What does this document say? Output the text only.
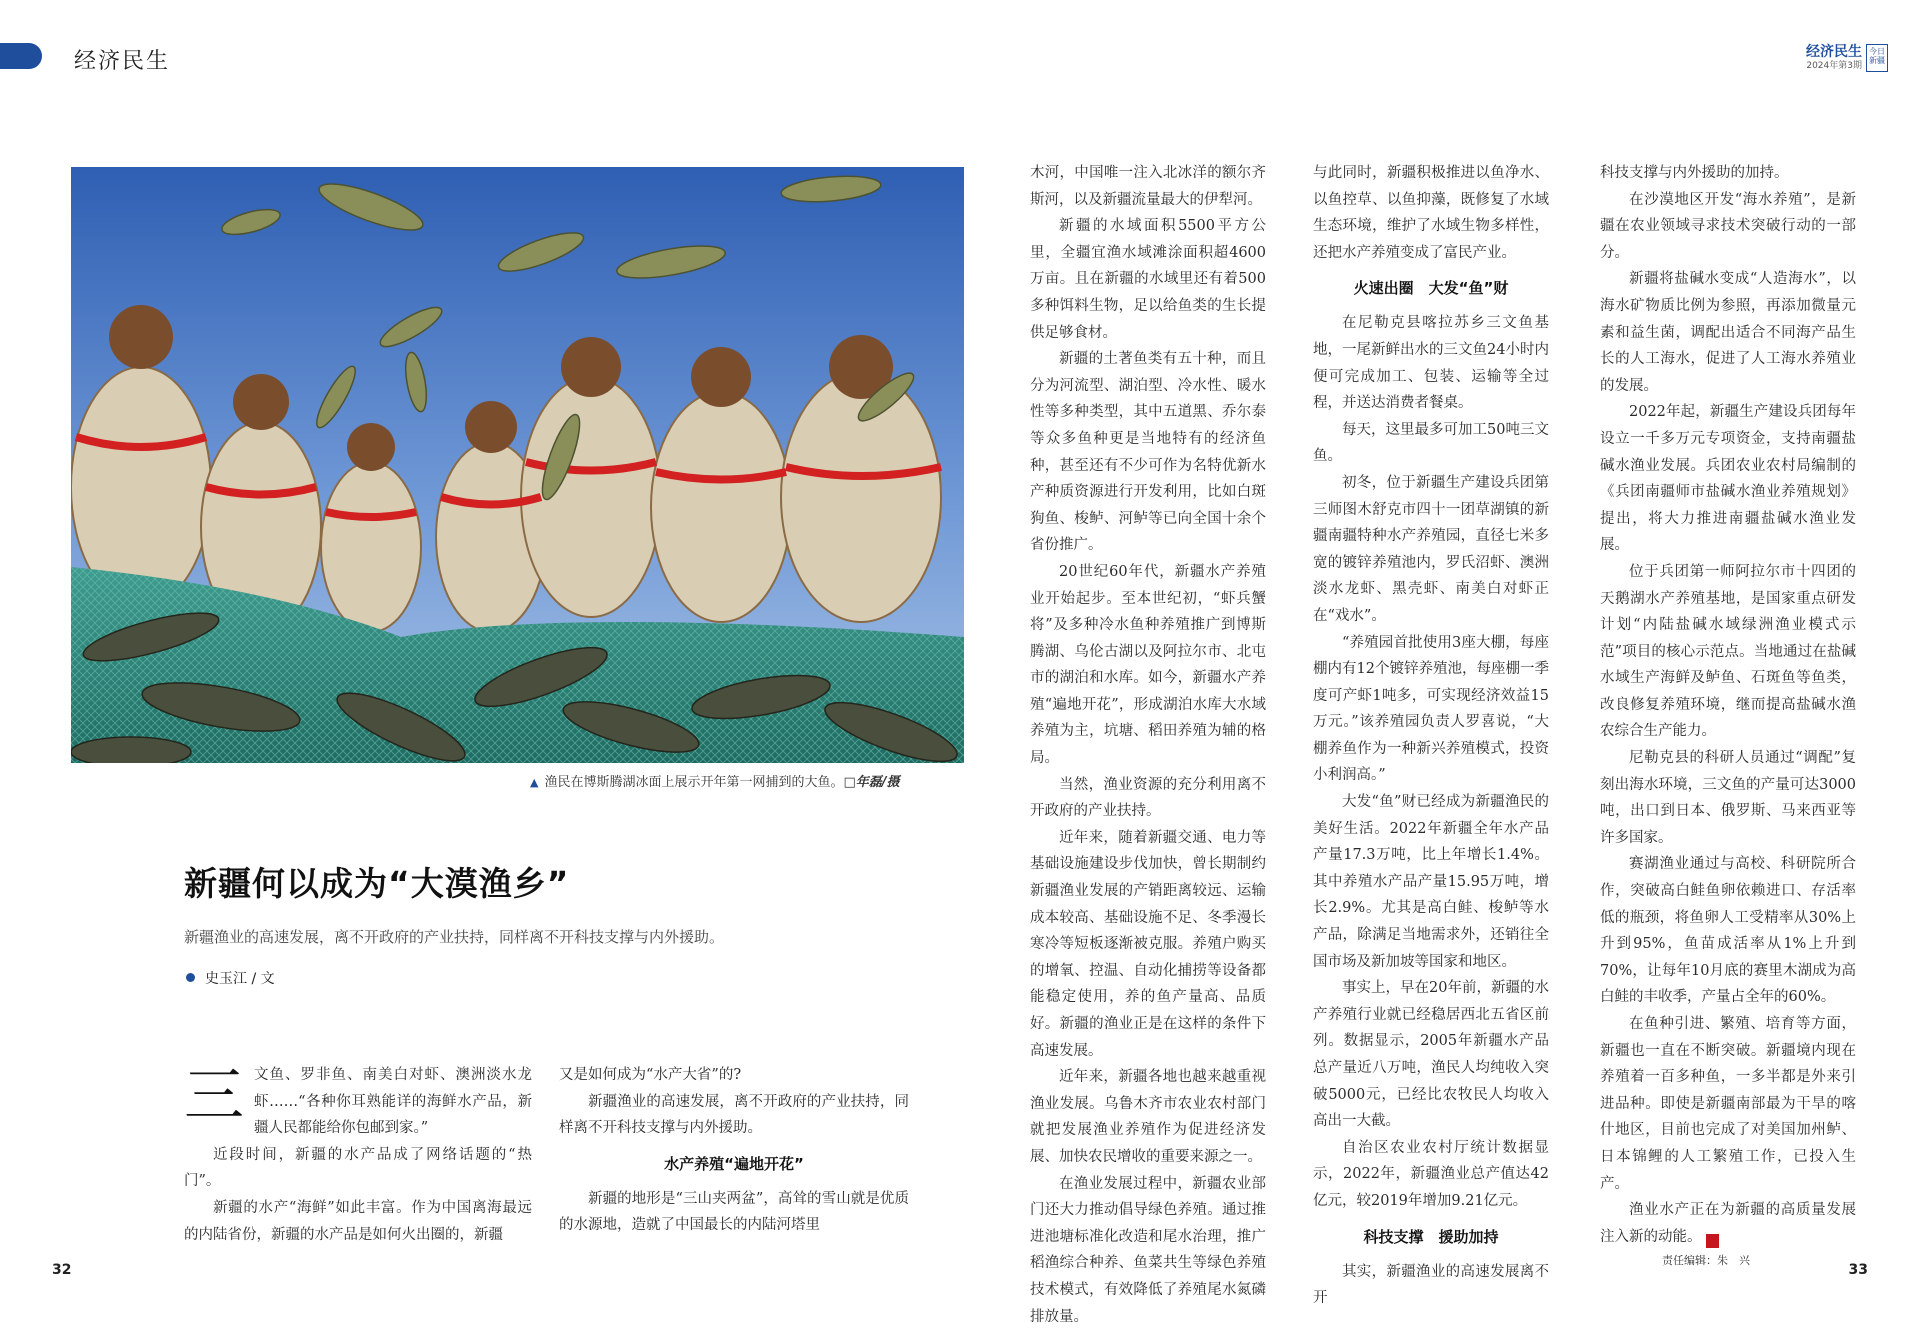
经济民生	经济民生
2024年第3期
今日新疆
▲ 渔民在博斯腾湖冰面上展示开年第一网捕到的大鱼。□年磊/摄
新疆何以成为“大漠渔乡”
新疆渔业的高速发展，离不开政府的产业扶持，同样离不开科技支撑与内外援助。
史玉江 / 文
三 文鱼、罗非鱼、南美白对虾、澳洲淡水龙虾……“各种你耳熟能详的海鲜水产品，新疆人民都能给你包邮到家。”

近段时间，新疆的水产品成了网络话题的“热门”。

新疆的水产“海鲜”如此丰富。作为中国离海最远的内陆省份，新疆的水产品是如何火出圈的，新疆

又是如何成为“水产大省”的?

新疆渔业的高速发展，离不开政府的产业扶持，同样离不开科技支撑与内外援助。

水产养殖“遍地开花”

新疆的地形是“三山夹两盆”，高耸的雪山就是优质的水源地，造就了中国最长的内陆河塔里

木河，中国唯一注入北冰洋的额尔齐斯河，以及新疆流量最大的伊犁河。

新疆的水域面积5500平方公里，全疆宜渔水域滩涂面积超4600万亩。且在新疆的水域里还有着500多种饵料生物，足以给鱼类的生长提供足够食材。

新疆的土著鱼类有五十种，而且分为河流型、湖泊型、冷水性、暖水性等多种类型，其中五道黑、乔尔泰等众多鱼种更是当地特有的经济鱼种，甚至还有不少可作为名特优新水产种质资源进行开发利用，比如白斑狗鱼、梭鲈、河鲈等已向全国十余个省份推广。

20世纪60年代，新疆水产养殖业开始起步。至本世纪初，“虾兵蟹将”及多种冷水鱼种养殖推广到博斯腾湖、乌伦古湖以及阿拉尔市、北屯市的湖泊和水库。如今，新疆水产养殖“遍地开花”，形成湖泊水库大水域养殖为主，坑塘、稻田养殖为辅的格局。

当然，渔业资源的充分利用离不开政府的产业扶持。

近年来，随着新疆交通、电力等基础设施建设步伐加快，曾长期制约新疆渔业发展的产销距离较远、运输成本较高、基础设施不足、冬季漫长寒冷等短板逐渐被克服。养殖户购买的增氧、控温、自动化捕捞等设备都能稳定使用，养的鱼产量高、品质好。新疆的渔业正是在这样的条件下高速发展。

近年来，新疆各地也越来越重视渔业发展。乌鲁木齐市农业农村部门就把发展渔业养殖作为促进经济发展、加快农民增收的重要来源之一。

在渔业发展过程中，新疆农业部门还大力推动倡导绿色养殖。通过推进池塘标准化改造和尾水治理，推广稻渔综合种养、鱼菜共生等绿色养殖技术模式，有效降低了养殖尾水氮磷排放量。

与此同时，新疆积极推进以鱼净水、以鱼控草、以鱼抑藻，既修复了水域生态环境，维护了水域生物多样性，还把水产养殖变成了富民产业。

火速出圈　大发“鱼”财

在尼勒克县喀拉苏乡三文鱼基地，一尾新鲜出水的三文鱼24小时内便可完成加工、包装、运输等全过程，并送达消费者餐桌。

每天，这里最多可加工50吨三文鱼。

初冬，位于新疆生产建设兵团第三师图木舒克市四十一团草湖镇的新疆南疆特种水产养殖园，直径七米多宽的镀锌养殖池内，罗氏沼虾、澳洲淡水龙虾、黑壳虾、南美白对虾正在“戏水”。

“养殖园首批使用3座大棚，每座棚内有12个镀锌养殖池，每座棚一季度可产虾1吨多，可实现经济效益15万元。”该养殖园负责人罗喜说，“大棚养鱼作为一种新兴养殖模式，投资小利润高。”

大发“鱼”财已经成为新疆渔民的美好生活。2022年新疆全年水产品产量17.3万吨，比上年增长1.4%。其中养殖水产品产量15.95万吨，增长2.9%。尤其是高白鲑、梭鲈等水产品，除满足当地需求外，还销往全国市场及新加坡等国家和地区。

事实上，早在20年前，新疆的水产养殖行业就已经稳居西北五省区前列。数据显示，2005年新疆水产品总产量近八万吨，渔民人均纯收入突破5000元，已经比农牧民人均收入高出一大截。

自治区农业农村厅统计数据显示，2022年，新疆渔业总产值达42亿元，较2019年增加9.21亿元。

科技支撑　援助加持

其实，新疆渔业的高速发展离不开

科技支撑与内外援助的加持。

在沙漠地区开发“海水养殖”，是新疆在农业领域寻求技术突破行动的一部分。

新疆将盐碱水变成“人造海水”，以海水矿物质比例为参照，再添加微量元素和益生菌，调配出适合不同海产品生长的人工海水，促进了人工海水养殖业的发展。

2022年起，新疆生产建设兵团每年设立一千多万元专项资金，支持南疆盐碱水渔业发展。兵团农业农村局编制的《兵团南疆师市盐碱水渔业养殖规划》提出，将大力推进南疆盐碱水渔业发展。

位于兵团第一师阿拉尔市十四团的天鹅湖水产养殖基地，是国家重点研发计划“内陆盐碱水域绿洲渔业模式示范”项目的核心示范点。当地通过在盐碱水域生产海鲜及鲈鱼、石斑鱼等鱼类，改良修复养殖环境，继而提高盐碱水渔农综合生产能力。

尼勒克县的科研人员通过“调配”复刻出海水环境，三文鱼的产量可达3000吨，出口到日本、俄罗斯、马来西亚等许多国家。

赛湖渔业通过与高校、科研院所合作，突破高白鲑鱼卵依赖进口、存活率低的瓶颈，将鱼卵人工受精率从30%上升到95%，鱼苗成活率从1%上升到70%，让每年10月底的赛里木湖成为高白鲑的丰收季，产量占全年的60%。

在鱼种引进、繁殖、培育等方面，新疆也一直在不断突破。新疆境内现在养殖着一百多种鱼，一多半都是外来引进品种。即使是新疆南部最为干旱的喀什地区，目前也完成了对美国加州鲈、日本锦鲤的人工繁殖工作，已投入生产。

渔业水产正在为新疆的高质量发展注入新的动能。	J

责任编辑：朱　兴
32	33
